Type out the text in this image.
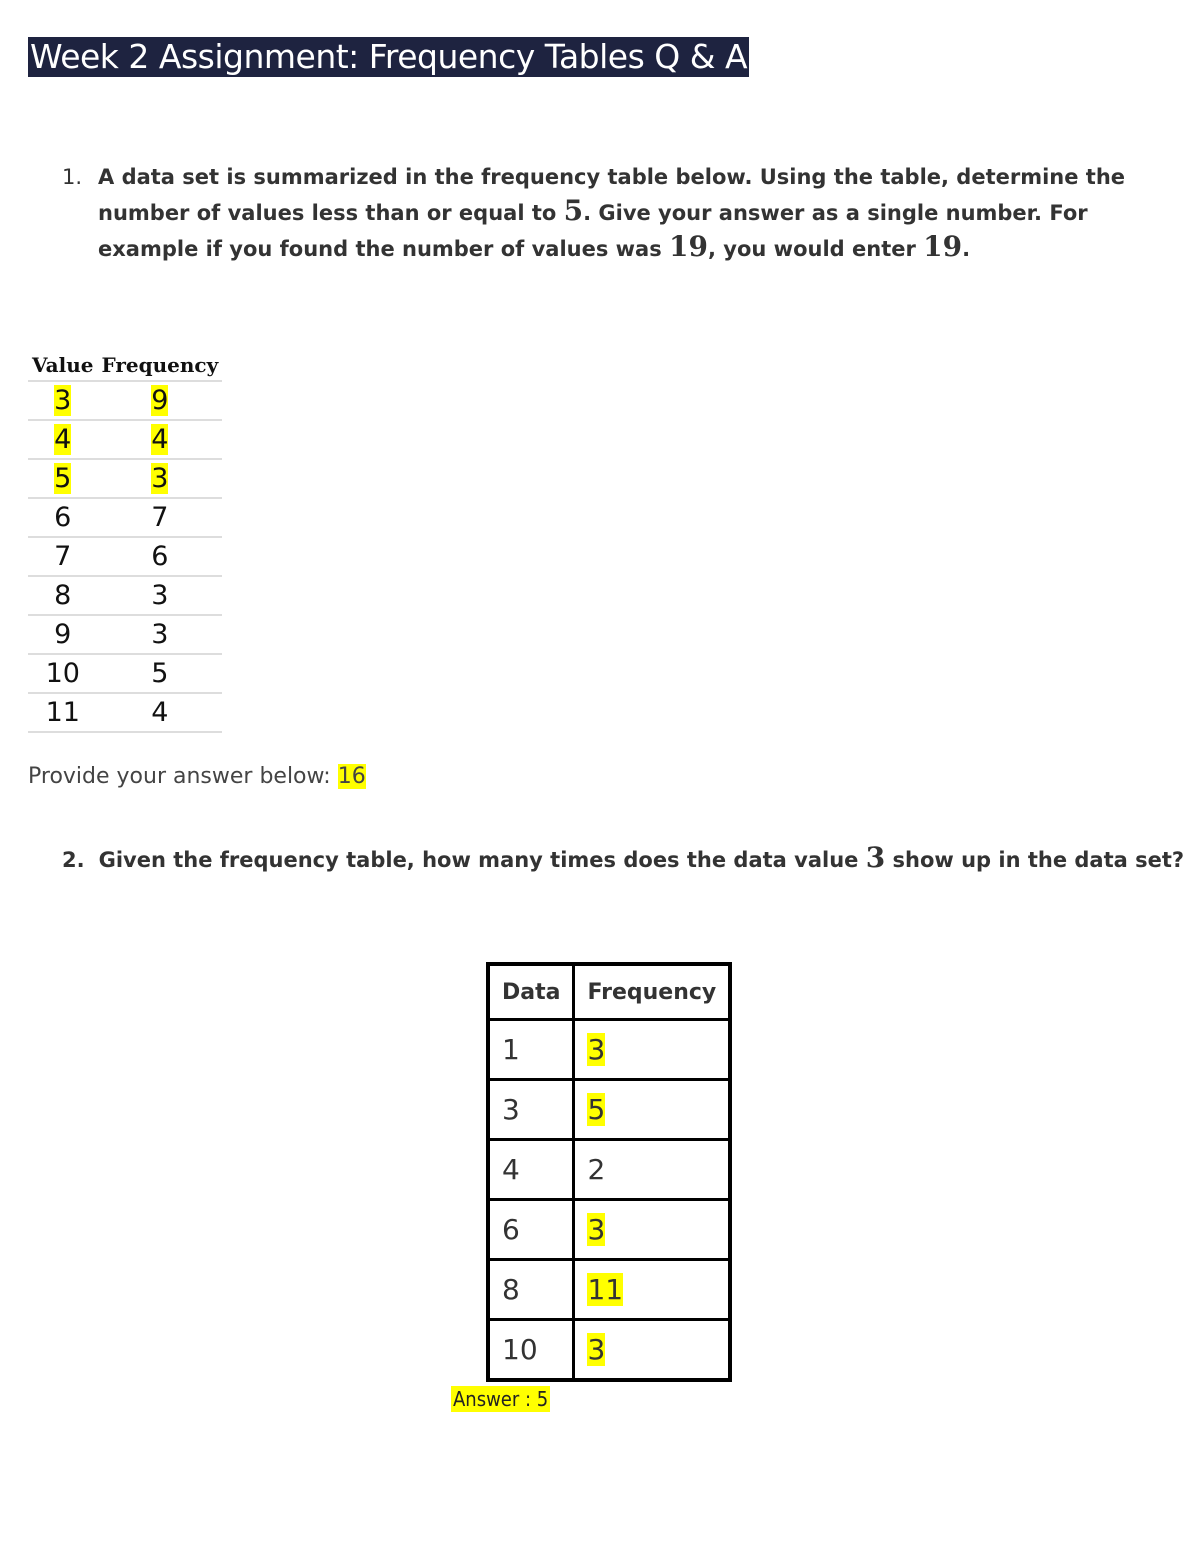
Week 2 Assignment: Frequency Tables Q & A
1. A data set is summarized in the frequency table below. Using the table, determine the number of values less than or equal to 5. Give your answer as a single number. For example if you found the number of values was 19, you would enter 19.
Value	Frequency
3	9
4	4
5	3
6	7
7	6
8	3
9	3
10	5
11	4
Provide your answer below: 16
2. Given the frequency table, how many times does the data value 3 show up in the data set?
Data	Frequency
1	3
3	5
4	2
6	3
8	11
10	3
Answer : 5
